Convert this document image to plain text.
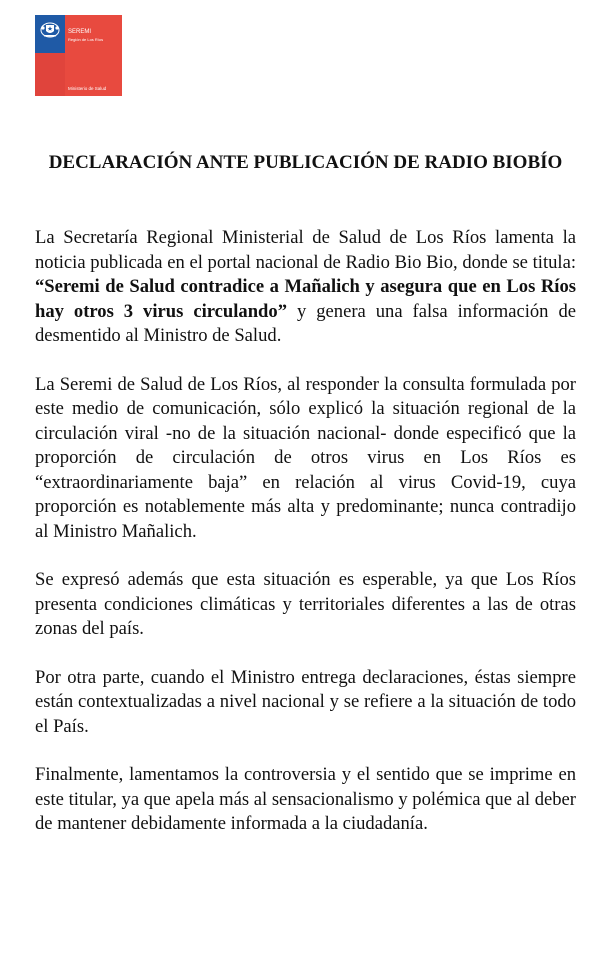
SEREMI
Región de Los Ríos
Ministerio de Salud
DECLARACIÓN ANTE PUBLICACIÓN DE RADIO BIOBÍO

La Secretaría Regional Ministerial de Salud de Los Ríos lamenta la noticia publicada en el portal nacional de Radio Bio Bio, donde se titula: “Seremi de Salud contradice a Mañalich y asegura que en Los Ríos hay otros 3 virus circulando” y genera una falsa información de desmentido al Ministro de Salud.

La Seremi de Salud de Los Ríos, al responder la consulta formulada por este medio de comunicación, sólo explicó la situación regional de la circulación viral -no de la situación nacional- donde especificó que la proporción de circulación de otros virus en Los Ríos es “extraordinariamente baja” en relación al virus Covid-19, cuya proporción es notablemente más alta y predominante; nunca contradijo al Ministro Mañalich.

Se expresó además que esta situación es esperable, ya que Los Ríos presenta condiciones climáticas y territoriales diferentes a las de otras zonas del país.

Por otra parte, cuando el Ministro entrega declaraciones, éstas siempre están contextualizadas a nivel nacional y se refiere a la situación de todo el País.

Finalmente, lamentamos la controversia y el sentido que se imprime en este titular, ya que apela más al sensacionalismo y polémica que al deber de mantener debidamente informada a la ciudadanía.
